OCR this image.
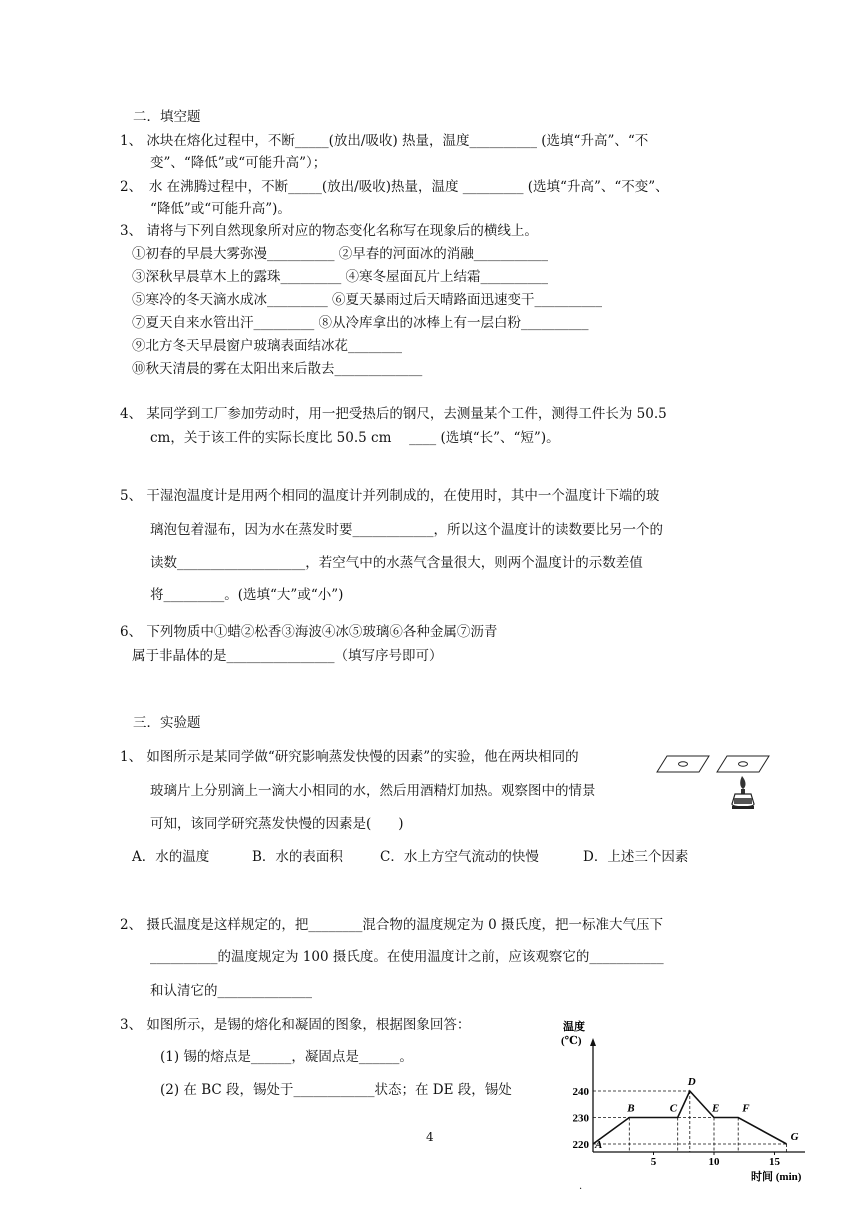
二．填空题
1、 冰块在熔化过程中，不断_____(放出/吸收) 热量，温度__________ (选填“升高”、“不
变”、“降低”或“可能升高”）；
2、　水 在沸腾过程中，不断_____(放出/吸收)热量，温度 _________ (选填“升高”、“不变”、
“降低”或“可能升高”)。
3、 请将与下列自然现象所对应的物态变化名称写在现象后的横线上。
①初春的早晨大雾弥漫__________ ②早春的河面冰的消融___________
③深秋早晨草木上的露珠_________ ④寒冬屋面瓦片上结霜__________
⑤寒冷的冬天滴水成冰_________ ⑥夏天暴雨过后天晴路面迅速变干__________
⑦夏天自来水管出汗_________ ⑧从冷库拿出的冰棒上有一层白粉__________
⑨北方冬天早晨窗户玻璃表面结冰花________
⑩秋天清晨的雾在太阳出来后散去_____________
4、 某同学到工厂参加劳动时，用一把受热后的钢尺，去测量某个工件，测得工件长为 50.5
cm，关于该工件的实际长度比 50.5 cm　 ____ (选填“长”、“短”)。
5、 干湿泡温度计是用两个相同的温度计并列制成的，在使用时，其中一个温度计下端的玻
璃泡包着湿布，因为水在蒸发时要____________，所以这个温度计的读数要比另一个的
读数___________________，若空气中的水蒸气含量很大，则两个温度计的示数差值
将_________。(选填“大”或“小”)
6、 下列物质中①蜡②松香③海波④冰⑤玻璃⑥各种金属⑦沥青
属于非晶体的是________________（填写序号即可）
三．实验题
1、 如图所示是某同学做“研究影响蒸发快慢的因素”的实验，他在两块相同的
玻璃片上分别滴上一滴大小相同的水，然后用酒精灯加热。观察图中的情景
可知，该同学研究蒸发快慢的因素是(　　)
A．水的温度	B．水的表面积	C．水上方空气流动的快慢	D．上述三个因素
2、 摄氏温度是这样规定的，把________混合物的温度规定为 0 摄氏度，把一标准大气压下
__________的温度规定为 100 摄氏度。在使用温度计之前，应该观察它的___________
和认清它的______________
3、 如图所示，是锡的熔化和凝固的图象，根据图象回答：
(1) 锡的熔点是______，凝固点是______。
(2) 在 BC 段，锡处于____________状态；在 DE 段，锡处
4
温度
(℃)
时间 (min)
220
230
240
5	10	15
A
B	C
D
E F
G
.
